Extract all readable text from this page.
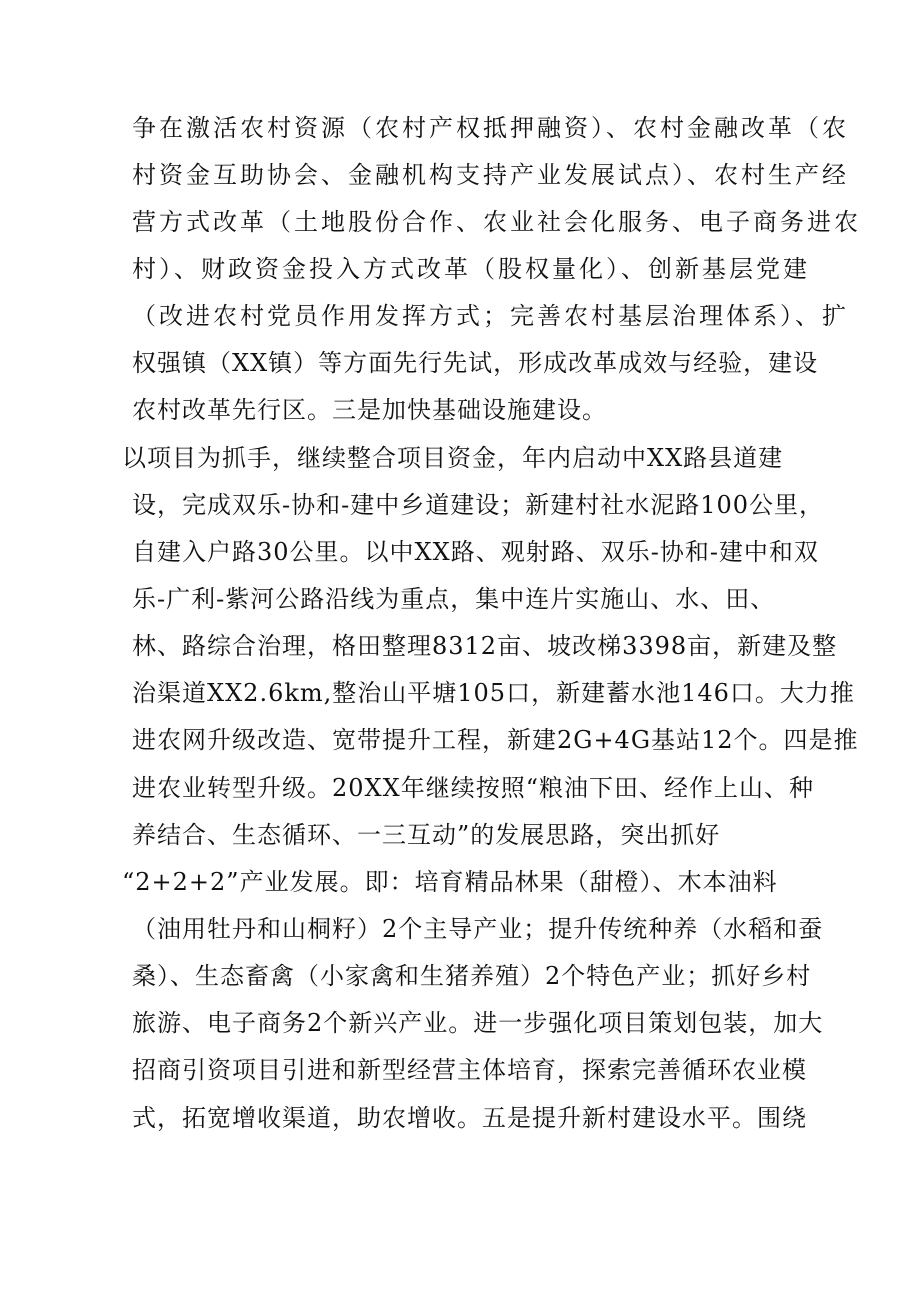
争在激活农村资源（农村产权抵押融资）、农村金融改革（农
村资金互助协会、金融机构支持产业发展试点）、农村生产经
营方式改革（土地股份合作、农业社会化服务、电子商务进农
村）、财政资金投入方式改革（股权量化）、创新基层党建
（改进农村党员作用发挥方式；完善农村基层治理体系）、扩
权强镇（XX镇）等方面先行先试，形成改革成效与经验，建设
农村改革先行区。三是加快基础设施建设。
以项目为抓手，继续整合项目资金，年内启动中XX路县道建
设，完成双乐-协和-建中乡道建设；新建村社水泥路100公里，
自建入户路30公里。以中XX路、观射路、双乐-协和-建中和双
乐-广利-紫河公路沿线为重点，集中连片实施山、水、田、
林、路综合治理，格田整理8312亩、坡改梯3398亩，新建及整
治渠道XX2.6km,整治山平塘105口，新建蓄水池146口。大力推
进农网升级改造、宽带提升工程，新建2G+4G基站12个。四是推
进农业转型升级。20XX年继续按照“粮油下田、经作上山、种
养结合、生态循环、一三互动”的发展思路，突出抓好
“2+2+2”产业发展。即：培育精品林果（甜橙）、木本油料
（油用牡丹和山桐籽）2个主导产业；提升传统种养（水稻和蚕
桑）、生态畜禽（小家禽和生猪养殖）2个特色产业；抓好乡村
旅游、电子商务2个新兴产业。进一步强化项目策划包装，加大
招商引资项目引进和新型经营主体培育，探索完善循环农业模
式，拓宽增收渠道，助农增收。五是提升新村建设水平。围绕
